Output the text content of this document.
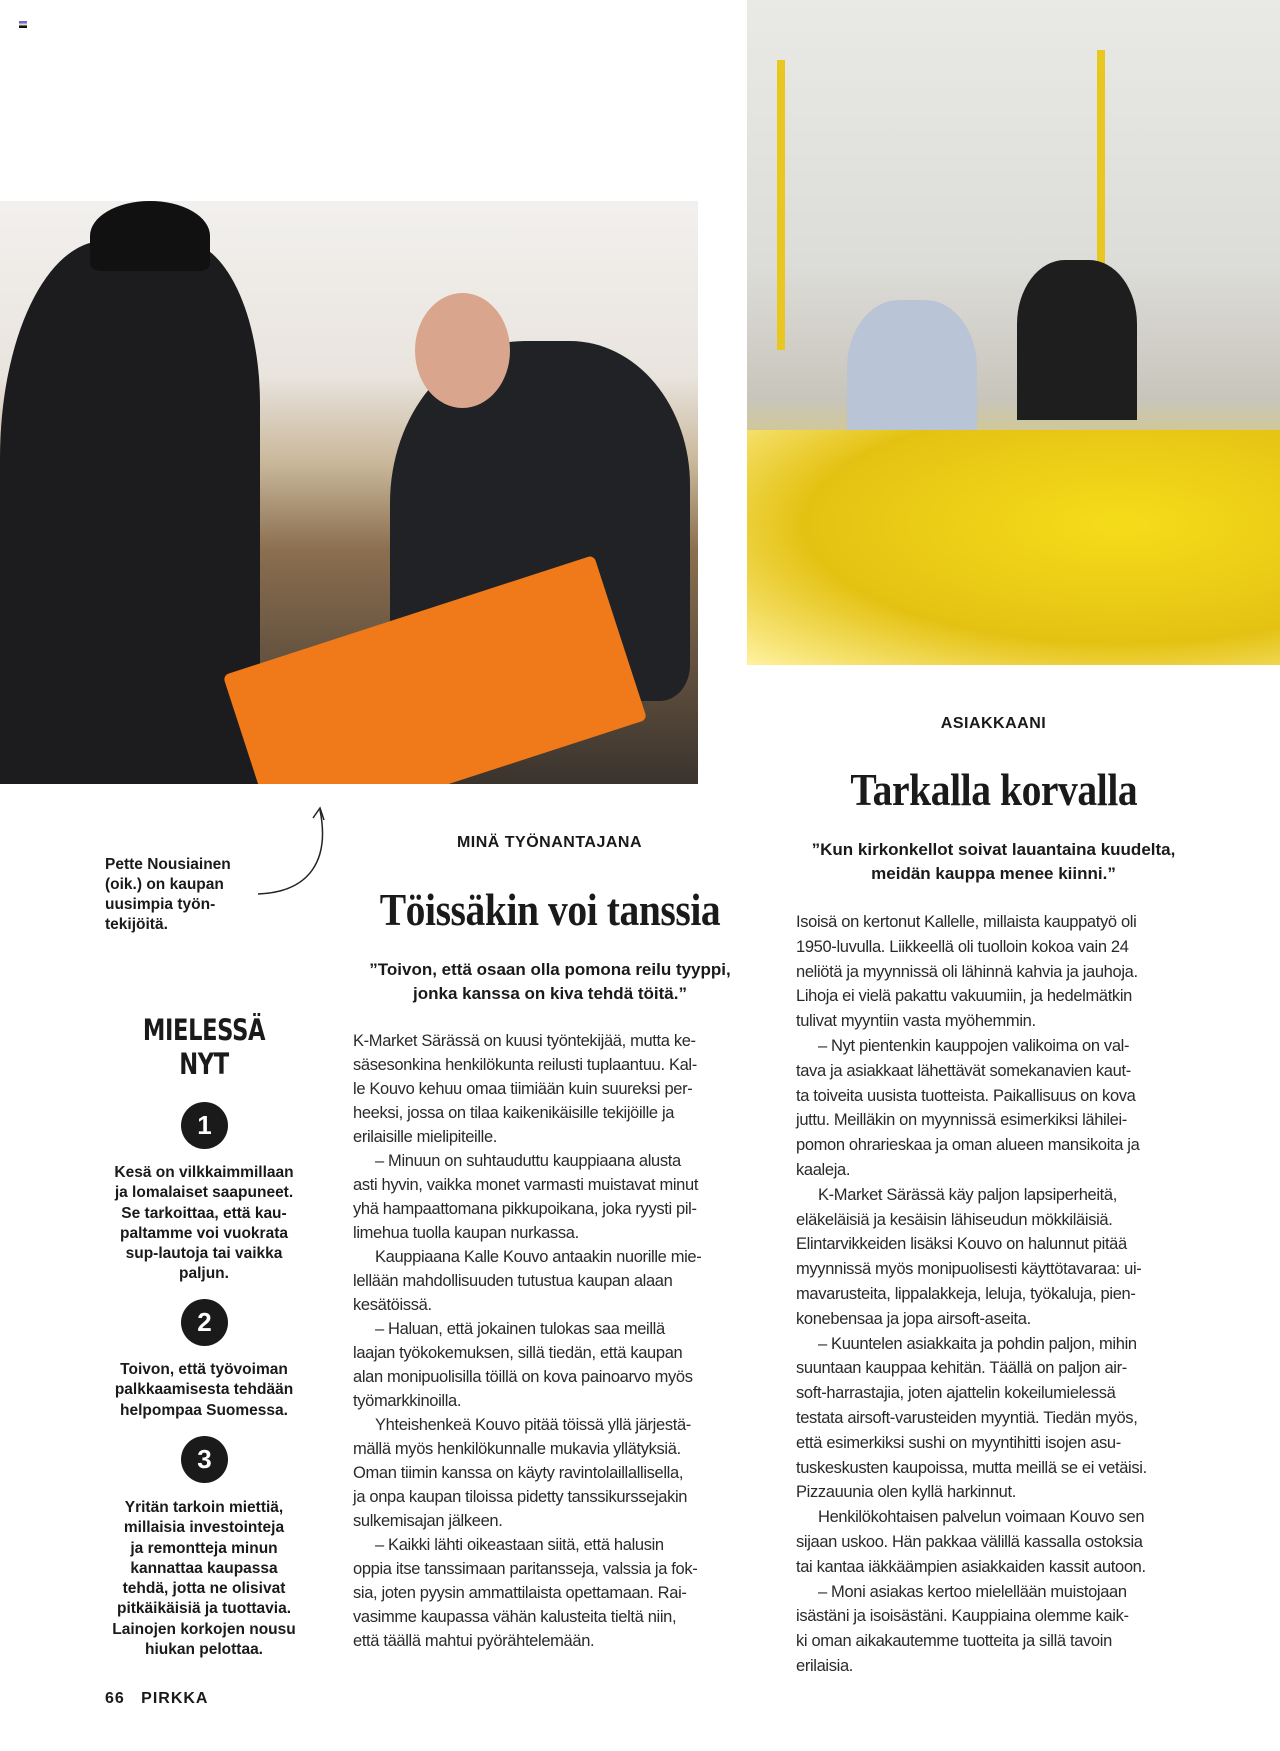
Pette Nousiainen
(oik.) on kaupan
uusimpia työn-
tekijöitä.
MIELESSÄ
NYT
1
Kesä on vilkkaimmillaan
ja lomalaiset saapuneet.
Se tarkoittaa, että kau-
paltamme voi vuokrata
sup-lautoja tai vaikka
paljun.
2
Toivon, että työvoiman
palkkaamisesta tehdään
helpompaa Suomessa.
3
Yritän tarkoin miettiä,
millaisia investointeja
ja remontteja minun
kannattaa kaupassa
tehdä, jotta ne olisivat
pitkäikäisiä ja tuottavia.
Lainojen korkojen nousu
hiukan pelottaa.
MINÄ TYÖNANTAJANA
Töissäkin voi tanssia
”Toivon, että osaan olla pomona reilu tyyppi,
jonka kanssa on kiva tehdä töitä.”
K-Market Särässä on kuusi työntekijää, mutta ke-
säsesonkina henkilökunta reilusti tuplaantuu. Kal-
le Kouvo kehuu omaa tiimiään kuin suureksi per-
heeksi, jossa on tilaa kaikenikäisille tekijöille ja
erilaisille mielipiteille.
– Minuun on suhtauduttu kauppiaana alusta
asti hyvin, vaikka monet varmasti muistavat minut
yhä hampaattomana pikkupoikana, joka ryysti pil-
limehua tuolla kaupan nurkassa.
Kauppiaana Kalle Kouvo antaakin nuorille mie-
lellään mahdollisuuden tutustua kaupan alaan
kesätöissä.
– Haluan, että jokainen tulokas saa meillä
laajan työkokemuksen, sillä tiedän, että kaupan
alan monipuolisilla töillä on kova painoarvo myös
työmarkkinoilla.
Yhteishenkeä Kouvo pitää töissä yllä järjestä-
mällä myös henkilökunnalle mukavia yllätyksiä.
Oman tiimin kanssa on käyty ravintolaillallisella,
ja onpa kaupan tiloissa pidetty tanssikurssejakin
sulkemisajan jälkeen.
– Kaikki lähti oikeastaan siitä, että halusin
oppia itse tanssimaan paritansseja, valssia ja fok-
sia, joten pyysin ammattilaista opettamaan. Rai-
vasimme kaupassa vähän kalusteita tieltä niin,
että täällä mahtui pyörähtelemään.
ASIAKKAANI
Tarkalla korvalla
”Kun kirkonkellot soivat lauantaina kuudelta,
meidän kauppa menee kiinni.”
Isoisä on kertonut Kallelle, millaista kauppatyö oli
1950-luvulla. Liikkeellä oli tuolloin kokoa vain 24
neliötä ja myynnissä oli lähinnä kahvia ja jauhoja.
Lihoja ei vielä pakattu vakuumiin, ja hedelmätkin
tulivat myyntiin vasta myöhemmin.
– Nyt pientenkin kauppojen valikoima on val-
tava ja asiakkaat lähettävät somekanavien kaut-
ta toiveita uusista tuotteista. Paikallisuus on kova
juttu. Meilläkin on myynnissä esimerkiksi lähilei-
pomon ohrarieskaa ja oman alueen mansikoita ja
kaaleja.
K-Market Särässä käy paljon lapsiperheitä,
eläkeläisiä ja kesäisin lähiseudun mökkiläisiä.
Elintarvikkeiden lisäksi Kouvo on halunnut pitää
myynnissä myös monipuolisesti käyttötavaraa: ui-
mavarusteita, lippalakkeja, leluja, työkaluja, pien-
konebensaa ja jopa airsoft-aseita.
– Kuuntelen asiakkaita ja pohdin paljon, mihin
suuntaan kauppaa kehitän. Täällä on paljon air-
soft-harrastajia, joten ajattelin kokeilumielessä
testata airsoft-varusteiden myyntiä. Tiedän myös,
että esimerkiksi sushi on myyntihitti isojen asu-
tuskeskusten kaupoissa, mutta meillä se ei vetäisi.
Pizzauunia olen kyllä harkinnut.
Henkilökohtaisen palvelun voimaan Kouvo sen
sijaan uskoo. Hän pakkaa välillä kassalla ostoksia
tai kantaa iäkkäämpien asiakkaiden kassit autoon.
– Moni asiakas kertoo mielellään muistojaan
isästäni ja isoisästäni. Kauppiaina olemme kaik-
ki oman aikakautemme tuotteita ja sillä tavoin
erilaisia.
66 PIRKKA
